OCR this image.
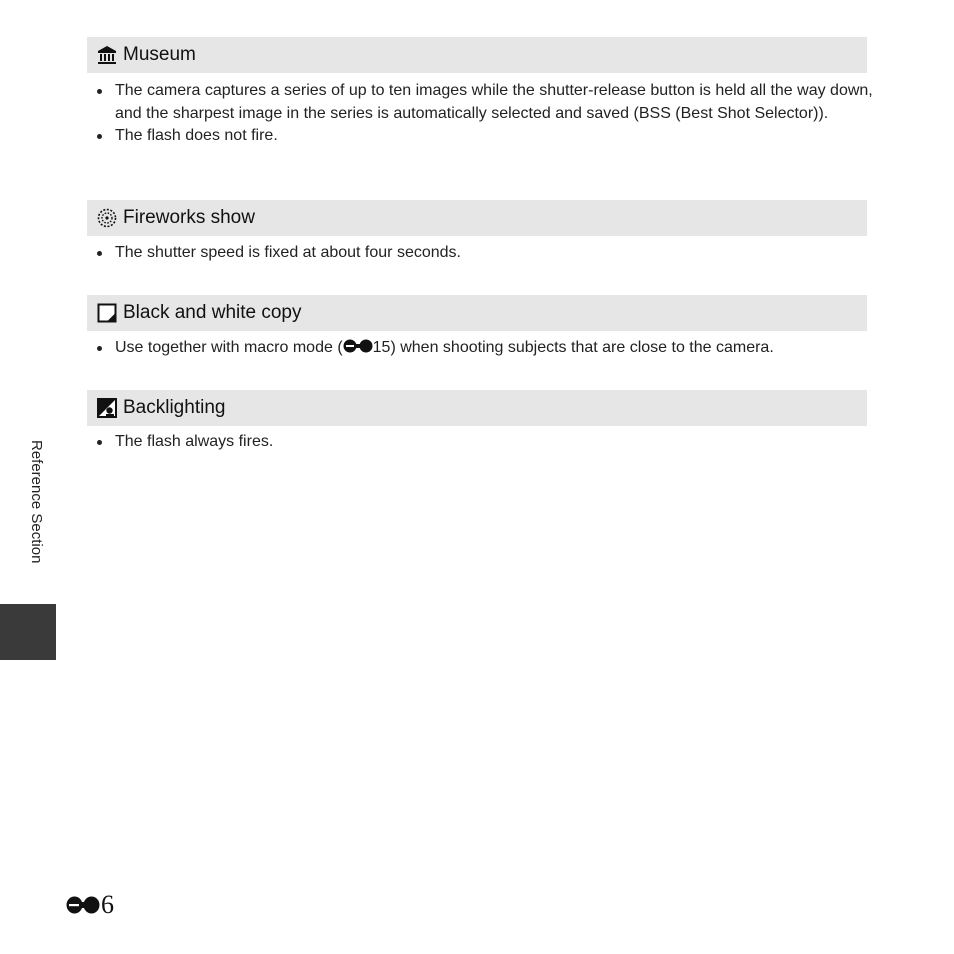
Museum
The camera captures a series of up to ten images while the shutter-release button is held all the way down, and the sharpest image in the series is automatically selected and saved (BSS (Best Shot Selector)).
The flash does not fire.
Fireworks show
The shutter speed is fixed at about four seconds.
Black and white copy
Use together with macro mode ( 15) when shooting subjects that are close to the camera.
Backlighting
The flash always fires.
Reference Section
6
